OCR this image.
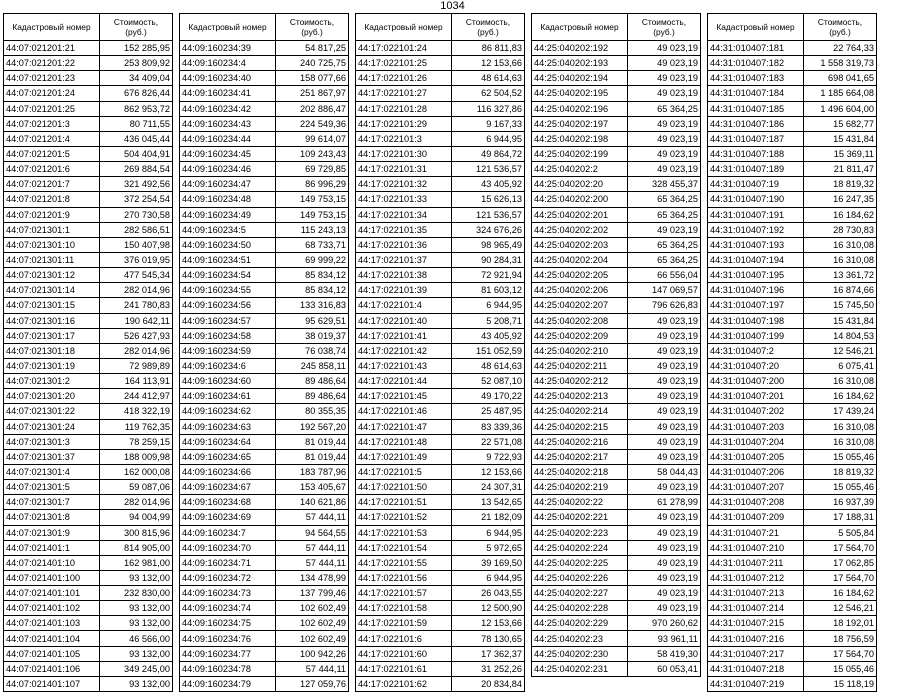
1034
Кадастровый номер	Стоимость, (руб.)
44:07:021201:21	152 285,95
44:07:021201:22	253 809,92
44:07:021201:23	34 409,04
44:07:021201:24	676 826,44
44:07:021201:25	862 953,72
44:07:021201:3	80 711,55
44:07:021201:4	436 045,44
44:07:021201:5	504 404,91
44:07:021201:6	269 884,54
44:07:021201:7	321 492,56
44:07:021201:8	372 254,54
44:07:021201:9	270 730,58
44:07:021301:1	282 586,51
44:07:021301:10	150 407,98
44:07:021301:11	376 019,95
44:07:021301:12	477 545,34
44:07:021301:14	282 014,96
44:07:021301:15	241 780,83
44:07:021301:16	190 642,11
44:07:021301:17	526 427,93
44:07:021301:18	282 014,96
44:07:021301:19	72 989,89
44:07:021301:2	164 113,91
44:07:021301:20	244 412,97
44:07:021301:22	418 322,19
44:07:021301:24	119 762,35
44:07:021301:3	78 259,15
44:07:021301:37	188 009,98
44:07:021301:4	162 000,08
44:07:021301:5	59 087,06
44:07:021301:7	282 014,96
44:07:021301:8	94 004,99
44:07:021301:9	300 815,96
44:07:021401:1	814 905,00
44:07:021401:10	162 981,00
44:07:021401:100	93 132,00
44:07:021401:101	232 830,00
44:07:021401:102	93 132,00
44:07:021401:103	93 132,00
44:07:021401:104	46 566,00
44:07:021401:105	93 132,00
44:07:021401:106	349 245,00
44:07:021401:107	93 132,00
Кадастровый номер	Стоимость, (руб.)
44:09:160234:39	54 817,25
44:09:160234:4	240 725,75
44:09:160234:40	158 077,66
44:09:160234:41	251 867,97
44:09:160234:42	202 886,47
44:09:160234:43	224 549,36
44:09:160234:44	99 614,07
44:09:160234:45	109 243,43
44:09:160234:46	69 729,85
44:09:160234:47	86 996,29
44:09:160234:48	149 753,15
44:09:160234:49	149 753,15
44:09:160234:5	115 243,13
44:09:160234:50	68 733,71
44:09:160234:51	69 999,22
44:09:160234:54	85 834,12
44:09:160234:55	85 834,12
44:09:160234:56	133 316,83
44:09:160234:57	95 629,51
44:09:160234:58	38 019,37
44:09:160234:59	76 038,74
44:09:160234:6	245 858,11
44:09:160234:60	89 486,64
44:09:160234:61	89 486,64
44:09:160234:62	80 355,35
44:09:160234:63	192 567,20
44:09:160234:64	81 019,44
44:09:160234:65	81 019,44
44:09:160234:66	183 787,96
44:09:160234:67	153 405,67
44:09:160234:68	140 621,86
44:09:160234:69	57 444,11
44:09:160234:7	94 564,55
44:09:160234:70	57 444,11
44:09:160234:71	57 444,11
44:09:160234:72	134 478,99
44:09:160234:73	137 799,46
44:09:160234:74	102 602,49
44:09:160234:75	102 602,49
44:09:160234:76	102 602,49
44:09:160234:77	100 942,26
44:09:160234:78	57 444,11
44:09:160234:79	127 059,76
Кадастровый номер	Стоимость, (руб.)
44:17:022101:24	86 811,83
44:17:022101:25	12 153,66
44:17:022101:26	48 614,63
44:17:022101:27	62 504,52
44:17:022101:28	116 327,86
44:17:022101:29	9 167,33
44:17:022101:3	6 944,95
44:17:022101:30	49 864,72
44:17:022101:31	121 536,57
44:17:022101:32	43 405,92
44:17:022101:33	15 626,13
44:17:022101:34	121 536,57
44:17:022101:35	324 676,26
44:17:022101:36	98 965,49
44:17:022101:37	90 284,31
44:17:022101:38	72 921,94
44:17:022101:39	81 603,12
44:17:022101:4	6 944,95
44:17:022101:40	5 208,71
44:17:022101:41	43 405,92
44:17:022101:42	151 052,59
44:17:022101:43	48 614,63
44:17:022101:44	52 087,10
44:17:022101:45	49 170,22
44:17:022101:46	25 487,95
44:17:022101:47	83 339,36
44:17:022101:48	22 571,08
44:17:022101:49	9 722,93
44:17:022101:5	12 153,66
44:17:022101:50	24 307,31
44:17:022101:51	13 542,65
44:17:022101:52	21 182,09
44:17:022101:53	6 944,95
44:17:022101:54	5 972,65
44:17:022101:55	39 169,50
44:17:022101:56	6 944,95
44:17:022101:57	26 043,55
44:17:022101:58	12 500,90
44:17:022101:59	12 153,66
44:17:022101:6	78 130,65
44:17:022101:60	17 362,37
44:17:022101:61	31 252,26
44:17:022101:62	20 834,84
Кадастровый номер	Стоимость, (руб.)
44:25:040202:192	49 023,19
44:25:040202:193	49 023,19
44:25:040202:194	49 023,19
44:25:040202:195	49 023,19
44:25:040202:196	65 364,25
44:25:040202:197	49 023,19
44:25:040202:198	49 023,19
44:25:040202:199	49 023,19
44:25:040202:2	49 023,19
44:25:040202:20	328 455,37
44:25:040202:200	65 364,25
44:25:040202:201	65 364,25
44:25:040202:202	49 023,19
44:25:040202:203	65 364,25
44:25:040202:204	65 364,25
44:25:040202:205	66 556,04
44:25:040202:206	147 069,57
44:25:040202:207	796 626,83
44:25:040202:208	49 023,19
44:25:040202:209	49 023,19
44:25:040202:210	49 023,19
44:25:040202:211	49 023,19
44:25:040202:212	49 023,19
44:25:040202:213	49 023,19
44:25:040202:214	49 023,19
44:25:040202:215	49 023,19
44:25:040202:216	49 023,19
44:25:040202:217	49 023,19
44:25:040202:218	58 044,43
44:25:040202:219	49 023,19
44:25:040202:22	61 278,99
44:25:040202:221	49 023,19
44:25:040202:223	49 023,19
44:25:040202:224	49 023,19
44:25:040202:225	49 023,19
44:25:040202:226	49 023,19
44:25:040202:227	49 023,19
44:25:040202:228	49 023,19
44:25:040202:229	970 260,62
44:25:040202:23	93 961,11
44:25:040202:230	58 419,30
44:25:040202:231	60 053,41
Кадастровый номер	Стоимость, (руб.)
44:31:010407:181	22 764,33
44:31:010407:182	1 558 319,73
44:31:010407:183	698 041,65
44:31:010407:184	1 185 664,08
44:31:010407:185	1 496 604,00
44:31:010407:186	15 682,77
44:31:010407:187	15 431,84
44:31:010407:188	15 369,11
44:31:010407:189	21 811,47
44:31:010407:19	18 819,32
44:31:010407:190	16 247,35
44:31:010407:191	16 184,62
44:31:010407:192	28 730,83
44:31:010407:193	16 310,08
44:31:010407:194	16 310,08
44:31:010407:195	13 361,72
44:31:010407:196	16 874,66
44:31:010407:197	15 745,50
44:31:010407:198	15 431,84
44:31:010407:199	14 804,53
44:31:010407:2	12 546,21
44:31:010407:20	6 075,41
44:31:010407:200	16 310,08
44:31:010407:201	16 184,62
44:31:010407:202	17 439,24
44:31:010407:203	16 310,08
44:31:010407:204	16 310,08
44:31:010407:205	15 055,46
44:31:010407:206	18 819,32
44:31:010407:207	15 055,46
44:31:010407:208	16 937,39
44:31:010407:209	17 188,31
44:31:010407:21	5 505,84
44:31:010407:210	17 564,70
44:31:010407:211	17 062,85
44:31:010407:212	17 564,70
44:31:010407:213	16 184,62
44:31:010407:214	12 546,21
44:31:010407:215	18 192,01
44:31:010407:216	18 756,59
44:31:010407:217	17 564,70
44:31:010407:218	15 055,46
44:31:010407:219	15 118,19
